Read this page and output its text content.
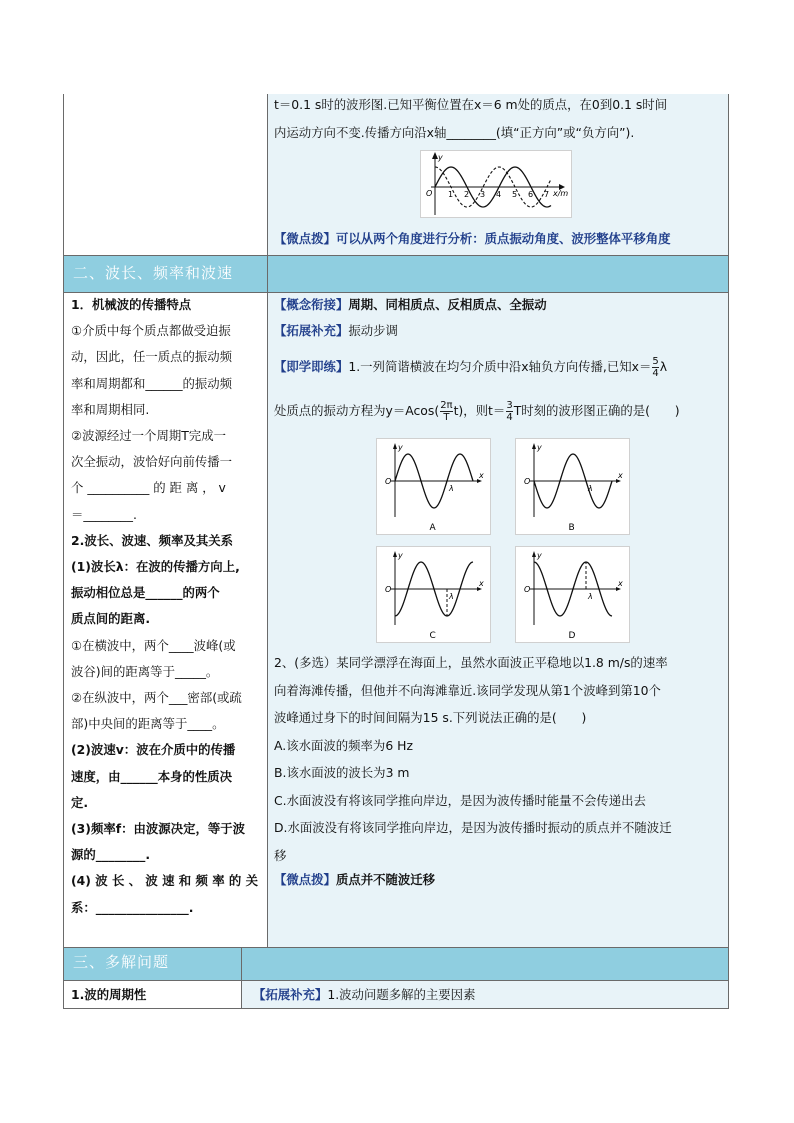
t＝0.1 s时的波形图.已知平衡位置在x＝6 m处的质点，在0到0.1 s时间
内运动方向不变.传播方向沿x轴________(填“正方向”或“负方向”).
y
O	x/m
1 2 3 4 5 6 7
【微点拨】可以从两个角度进行分析：质点振动角度、波形整体平移角度
二、波长、频率和波速
1．机械波的传播特点
①介质中每个质点都做受迫振
动，因此，任一质点的振动频
率和周期都和______的振动频
率和周期相同.
②波源经过一个周期T完成一
次全振动，波恰好向前传播一
个 __________ 的 距 离 ， v
＝________.
2.波长、波速、频率及其关系
(1)波长λ：在波的传播方向上,
振动相位总是______的两个
质点间的距离.
①在横波中，两个____波峰(或
波谷)间的距离等于_____。
②在纵波中，两个___密部(或疏
部)中央间的距离等于____。
(2)波速v：波在介质中的传播
速度，由______本身的性质决
定.
(3)频率f：由波源决定，等于波
源的________.
(4) 波 长 、 波 速 和 频 率 的 关
系：_______________.
【概念衔接】周期、同相质点、反相质点、全振动
【拓展补充】振动步调
【即学即练】1.一列简谐横波在均匀介质中沿x轴负方向传播,已知$x= \frac{5}{4}$ λ
处质点的振动方程为$y=Acos( \frac{2\pi}{T} t)$，则$t= \frac{3}{4}$ T时刻的波形图正确的是(　　)
y
O
x
λ
A
y
O
x
λ
B
y
O
x
λ
C
y
O
x
λ
D
2、(多选）某同学漂浮在海面上，虽然水面波正平稳地以1.8 m/s的速率
向着海滩传播，但他并不向海滩靠近.该同学发现从第1个波峰到第10个
波峰通过身下的时间间隔为15 s.下列说法正确的是(　　)
A.该水面波的频率为6 Hz
B.该水面波的波长为3 m
C.水面波没有将该同学推向岸边，是因为波传播时能量不会传递出去
D.水面波没有将该同学推向岸边，是因为波传播时振动的质点并不随波迁
移
【微点拨】质点并不随波迁移
三、多解问题
1.波的周期性	【拓展补充】1.波动问题多解的主要因素
